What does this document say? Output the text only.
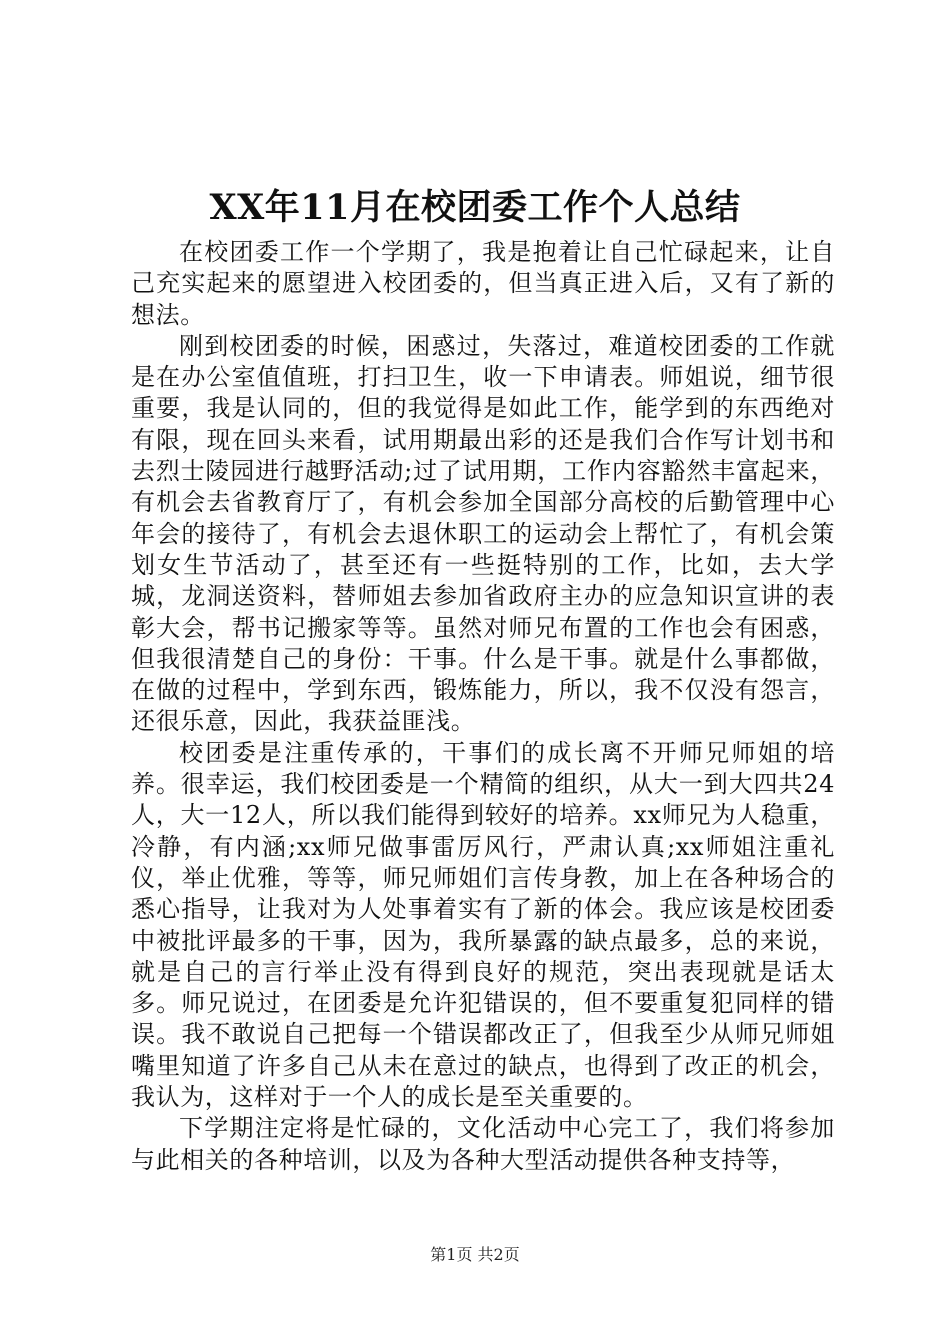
XX年11月在校团委工作个人总结

在校团委工作一个学期了，我是抱着让自己忙碌起来，让自己充实起来的愿望进入校团委的，但当真正进入后，又有了新的想法。

刚到校团委的时候，困惑过，失落过，难道校团委的工作就是在办公室值值班，打扫卫生，收一下申请表。师姐说，细节很重要，我是认同的，但的我觉得是如此工作，能学到的东西绝对有限，现在回头来看，试用期最出彩的还是我们合作写计划书和去烈士陵园进行越野活动;过了试用期，工作内容豁然丰富起来，有机会去省教育厅了，有机会参加全国部分高校的后勤管理中心年会的接待了，有机会去退休职工的运动会上帮忙了，有机会策划女生节活动了，甚至还有一些挺特别的工作，比如，去大学城，龙洞送资料，替师姐去参加省政府主办的应急知识宣讲的表彰大会，帮书记搬家等等。虽然对师兄布置的工作也会有困惑，但我很清楚自己的身份：干事。什么是干事。就是什么事都做，在做的过程中，学到东西，锻炼能力，所以，我不仅没有怨言，还很乐意，因此，我获益匪浅。

校团委是注重传承的，干事们的成长离不开师兄师姐的培养。很幸运，我们校团委是一个精简的组织，从大一到大四共24人，大一12人，所以我们能得到较好的培养。xx师兄为人稳重，冷静，有内涵;xx师兄做事雷厉风行，严肃认真;xx师姐注重礼仪，举止优雅，等等，师兄师姐们言传身教，加上在各种场合的悉心指导，让我对为人处事着实有了新的体会。我应该是校团委中被批评最多的干事，因为，我所暴露的缺点最多，总的来说，就是自己的言行举止没有得到良好的规范，突出表现就是话太多。师兄说过，在团委是允许犯错误的，但不要重复犯同样的错误。我不敢说自己把每一个错误都改正了，但我至少从师兄师姐嘴里知道了许多自己从未在意过的缺点，也得到了改正的机会，我认为，这样对于一个人的成长是至关重要的。

下学期注定将是忙碌的，文化活动中心完工了，我们将参加与此相关的各种培训，以及为各种大型活动提供各种支持等，

第1页 共2页
